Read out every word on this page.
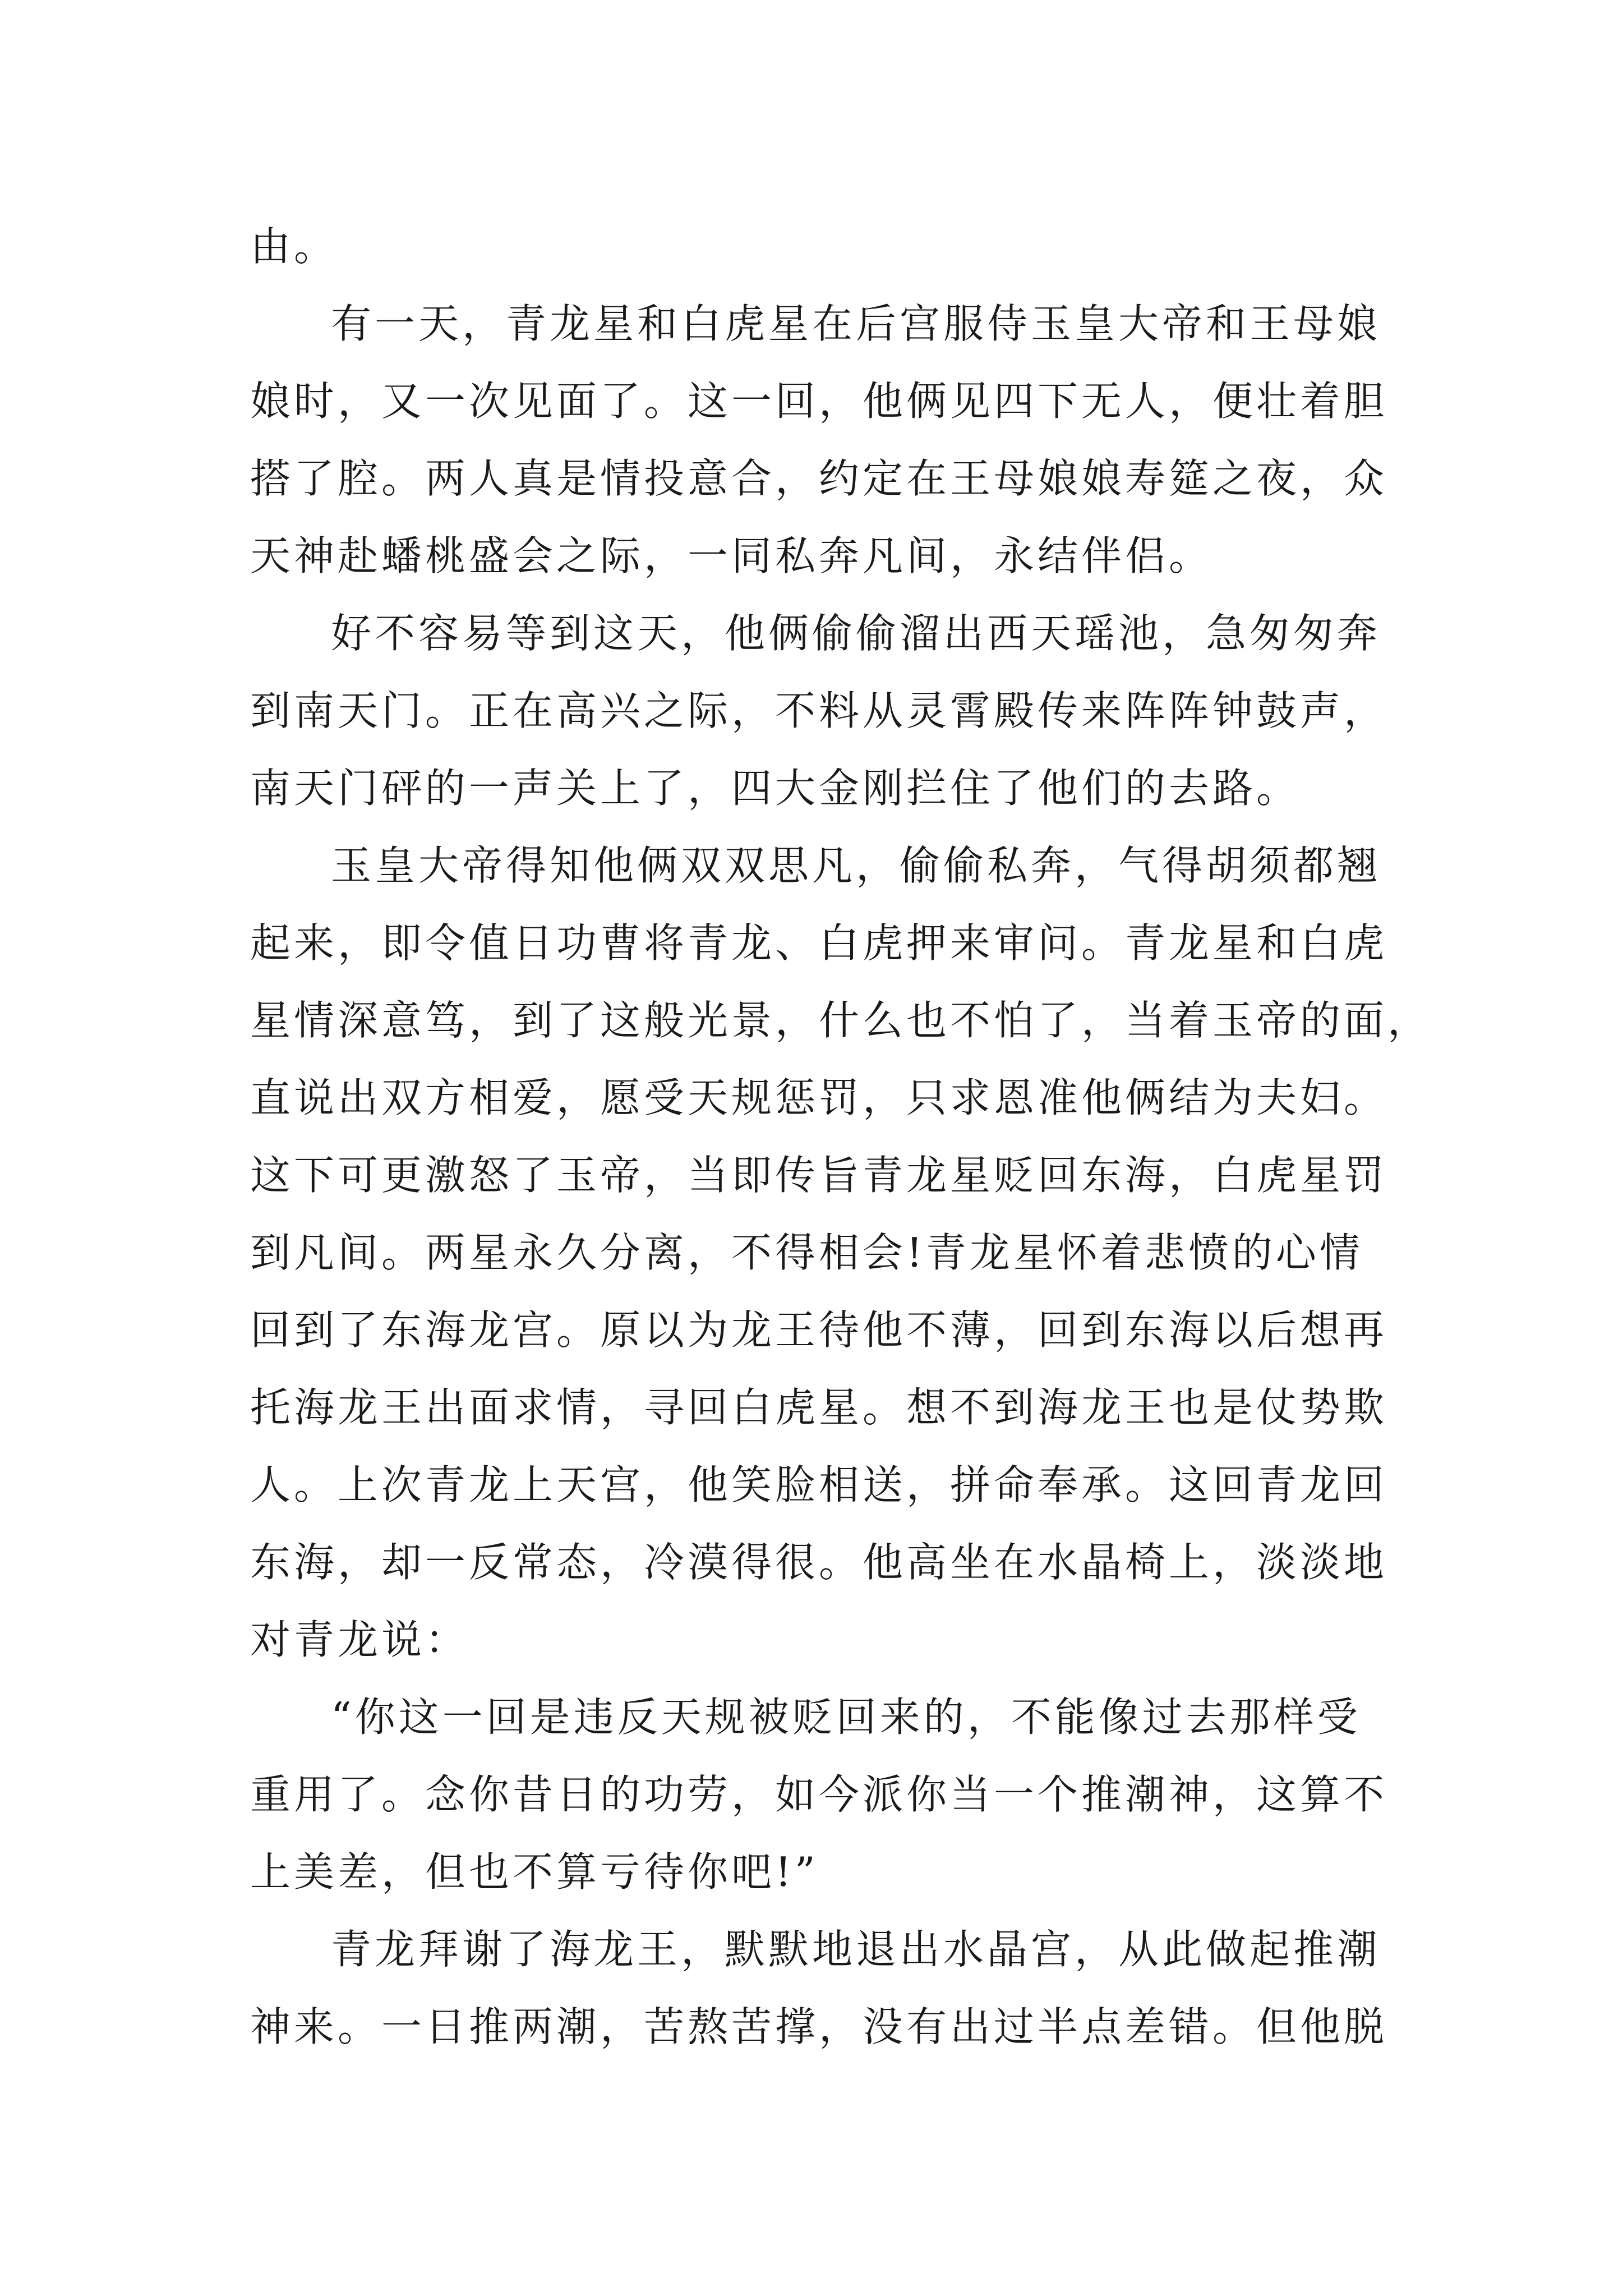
由。
有一天，青龙星和白虎星在后宫服侍玉皇大帝和王母娘
娘时，又一次见面了。这一回，他俩见四下无人，便壮着胆
搭了腔。两人真是情投意合，约定在王母娘娘寿筵之夜，众
天神赴蟠桃盛会之际，一同私奔凡间，永结伴侣。
好不容易等到这天，他俩偷偷溜出西天瑶池，急匆匆奔
到南天门。正在高兴之际，不料从灵霄殿传来阵阵钟鼓声，
南天门砰的一声关上了，四大金刚拦住了他们的去路。
玉皇大帝得知他俩双双思凡，偷偷私奔，气得胡须都翘
起来，即令值日功曹将青龙、白虎押来审问。青龙星和白虎
星情深意笃，到了这般光景，什么也不怕了，当着玉帝的面，
直说出双方相爱，愿受天规惩罚，只求恩准他俩结为夫妇。
这下可更激怒了玉帝，当即传旨青龙星贬回东海，白虎星罚
到凡间。两星永久分离，不得相会!青龙星怀着悲愤的心情
回到了东海龙宫。原以为龙王待他不薄，回到东海以后想再
托海龙王出面求情，寻回白虎星。想不到海龙王也是仗势欺
人。上次青龙上天宫，他笑脸相送，拼命奉承。这回青龙回
东海，却一反常态，冷漠得很。他高坐在水晶椅上，淡淡地
对青龙说：
“你这一回是违反天规被贬回来的，不能像过去那样受
重用了。念你昔日的功劳，如今派你当一个推潮神，这算不
上美差，但也不算亏待你吧!”
青龙拜谢了海龙王，默默地退出水晶宫，从此做起推潮
神来。一日推两潮，苦熬苦撑，没有出过半点差错。但他脱
